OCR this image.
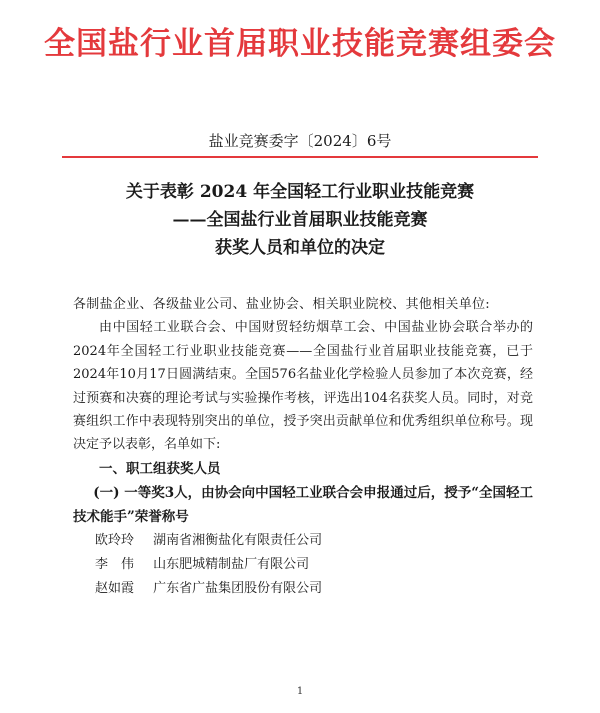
全国盐行业首届职业技能竞赛组委会
盐业竞赛委字〔2024〕6号
关于表彰 2024 年全国轻工行业职业技能竞赛
——全国盐行业首届职业技能竞赛
获奖人员和单位的决定

各制盐企业、各级盐业公司、盐业协会、相关职业院校、其他相关单位:

由中国轻工业联合会、中国财贸轻纺烟草工会、中国盐业协会联合举办的2024年全国轻工行业职业技能竞赛——全国盐行业首届职业技能竞赛，已于2024年10月17日圆满结束。全国576名盐业化学检验人员参加了本次竞赛，经过预赛和决赛的理论考试与实验操作考核，评选出104名获奖人员。同时，对竞赛组织工作中表现特别突出的单位，授予突出贡献单位和优秀组织单位称号。现决定予以表彰，名单如下:

一、职工组获奖人员

(一) 一等奖3人，由协会向中国轻工业联合会申报通过后，授予“全国轻工技术能手”荣誉称号

欧玲玲 湖南省湘衡盐化有限责任公司
李　伟 山东肥城精制盐厂有限公司
赵如霞 广东省广盐集团股份有限公司
1
